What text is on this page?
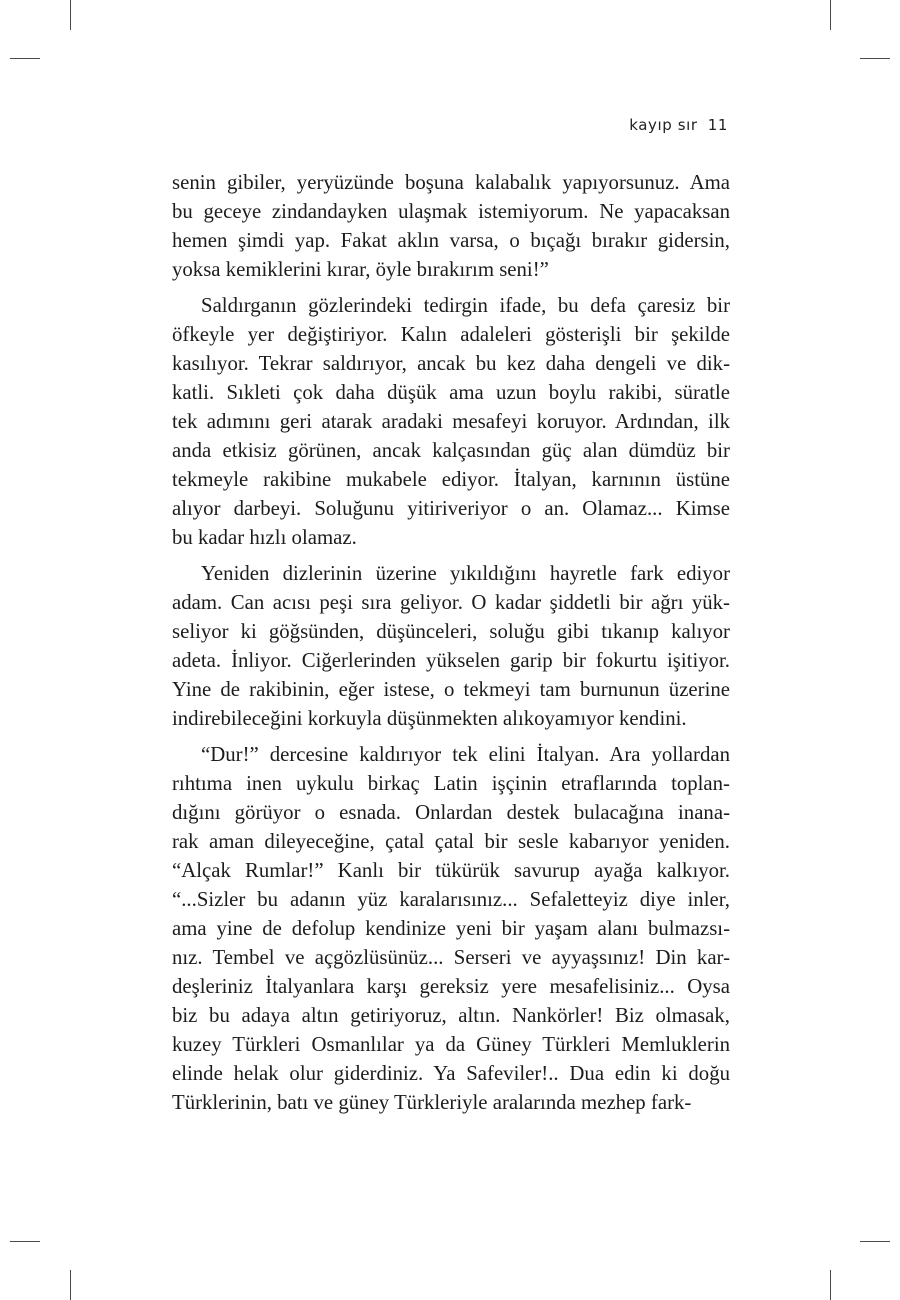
kayıp sır 11
senin gibiler, yeryüzünde boşuna kalabalık yapıyorsunuz. Ama
bu geceye zindandayken ulaşmak istemiyorum. Ne yapacaksan
hemen şimdi yap. Fakat aklın varsa, o bıçağı bırakır gidersin,
yoksa kemiklerini kırar, öyle bırakırım seni!”
Saldırganın gözlerindeki tedirgin ifade, bu defa çaresiz bir
öfkeyle yer değiştiriyor. Kalın adaleleri gösterişli bir şekilde
kasılıyor. Tekrar saldırıyor, ancak bu kez daha dengeli ve dik-
katli. Sıkleti çok daha düşük ama uzun boylu rakibi, süratle
tek adımını geri atarak aradaki mesafeyi koruyor. Ardından, ilk
anda etkisiz görünen, ancak kalçasından güç alan dümdüz bir
tekmeyle rakibine mukabele ediyor. İtalyan, karnının üstüne
alıyor darbeyi. Soluğunu yitiriveriyor o an. Olamaz... Kimse
bu kadar hızlı olamaz.
Yeniden dizlerinin üzerine yıkıldığını hayretle fark ediyor
adam. Can acısı peşi sıra geliyor. O kadar şiddetli bir ağrı yük-
seliyor ki göğsünden, düşünceleri, soluğu gibi tıkanıp kalıyor
adeta. İnliyor. Ciğerlerinden yükselen garip bir fokurtu işitiyor.
Yine de rakibinin, eğer istese, o tekmeyi tam burnunun üzerine
indirebileceğini korkuyla düşünmekten alıkoyamıyor kendini.
“Dur!” dercesine kaldırıyor tek elini İtalyan. Ara yollardan
rıhtıma inen uykulu birkaç Latin işçinin etraflarında toplan-
dığını görüyor o esnada. Onlardan destek bulacağına inana-
rak aman dileyeceğine, çatal çatal bir sesle kabarıyor yeniden.
“Alçak Rumlar!” Kanlı bir tükürük savurup ayağa kalkıyor.
“...Sizler bu adanın yüz karalarısınız... Sefaletteyiz diye inler,
ama yine de defolup kendinize yeni bir yaşam alanı bulmazsı-
nız. Tembel ve açgözlüsünüz... Serseri ve ayyaşsınız! Din kar-
deşleriniz İtalyanlara karşı gereksiz yere mesafelisiniz... Oysa
biz bu adaya altın getiriyoruz, altın. Nankörler! Biz olmasak,
kuzey Türkleri Osmanlılar ya da Güney Türkleri Memluklerin
elinde helak olur giderdiniz. Ya Safeviler!.. Dua edin ki doğu
Türklerinin, batı ve güney Türkleriyle aralarında mezhep fark-
